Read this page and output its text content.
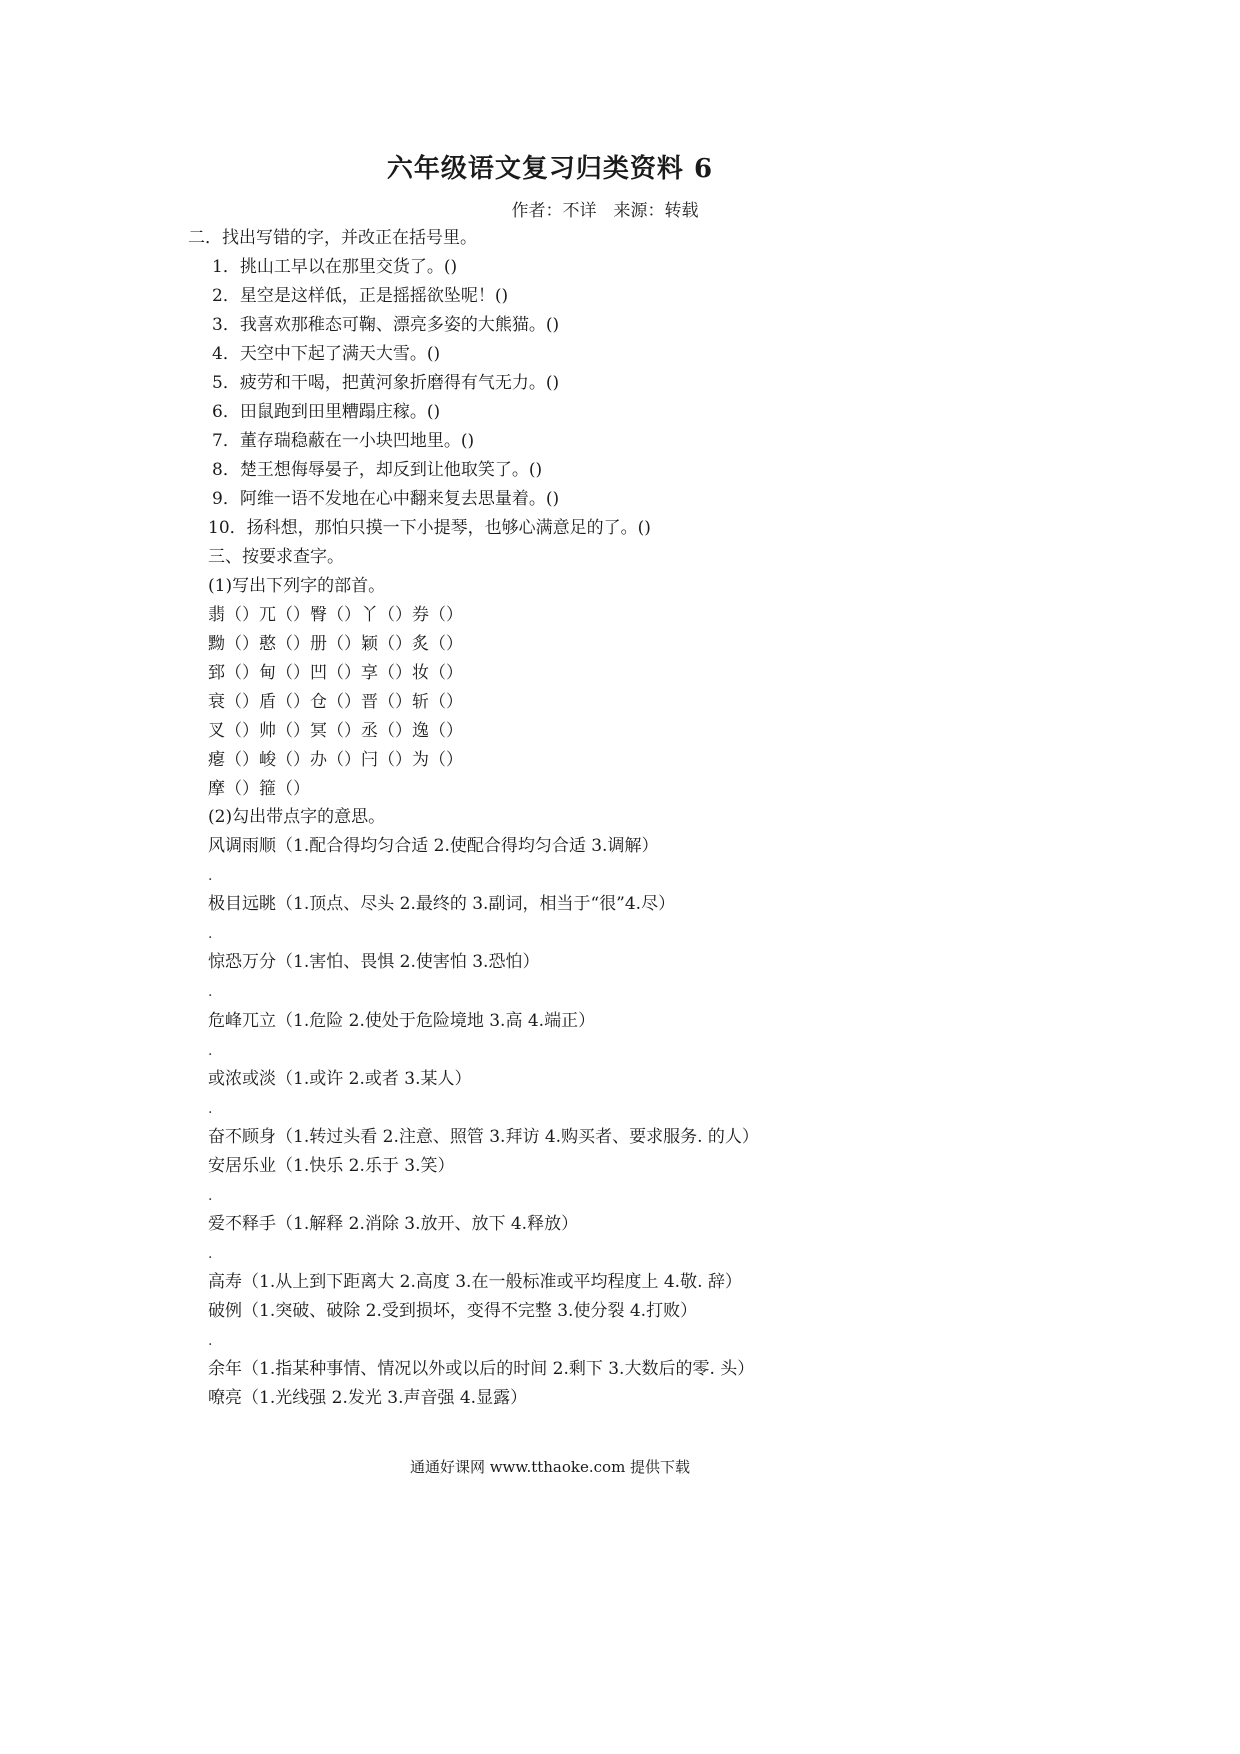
六年级语文复习归类资料 6
作者：不详　来源：转载
二．找出写错的字，并改正在括号里。
1．挑山工早以在那里交货了。()
2．星空是这样低，正是摇摇欲坠呢！()
3．我喜欢那稚态可鞠、漂亮多姿的大熊猫。()
4．天空中下起了满天大雪。()
5．疲劳和干喝，把黄河象折磨得有气无力。()
6．田鼠跑到田里糟蹋庄稼。()
7．董存瑞稳蔽在一小块凹地里。()
8．楚王想侮辱晏子，却反到让他取笑了。()
9．阿维一语不发地在心中翻来复去思量着。()
10．扬科想，那怕只摸一下小提琴，也够心满意足的了。()
三、按要求查字。
(1)写出下列字的部首。
翡（）兀（）臀（）丫（）券（）
黝（）憨（）册（）颖（）炙（）
郅（）甸（）凹（）享（）妆（）
衰（）盾（）仓（）晋（）斩（）
叉（）帅（）冥（）丞（）逸（）
瘪（）峻（）办（）闩（）为（）
摩（）箍（）
(2)勾出带点字的意思。
风调雨顺（1.配合得均匀合适 2.使配合得均匀合适 3.调解）
.
极目远眺（1.顶点、尽头 2.最终的 3.副词，相当于“很”4.尽）
.
惊恐万分（1.害怕、畏惧 2.使害怕 3.恐怕）
.
危峰兀立（1.危险 2.使处于危险境地 3.高 4.端正）
.
或浓或淡（1.或许 2.或者 3.某人）
.
奋不顾身（1.转过头看 2.注意、照管 3.拜访 4.购买者、要求服务. 的人）
安居乐业（1.快乐 2.乐于 3.笑）
.
爱不释手（1.解释 2.消除 3.放开、放下 4.释放）
.
高寿（1.从上到下距离大 2.高度 3.在一般标准或平均程度上 4.敬. 辞）
破例（1.突破、破除 2.受到损坏，变得不完整 3.使分裂 4.打败）
.
余年（1.指某种事情、情况以外或以后的时间 2.剩下 3.大数后的零. 头）
嘹亮（1.光线强 2.发光 3.声音强 4.显露）
通通好课网 www.tthaoke.com 提供下载
